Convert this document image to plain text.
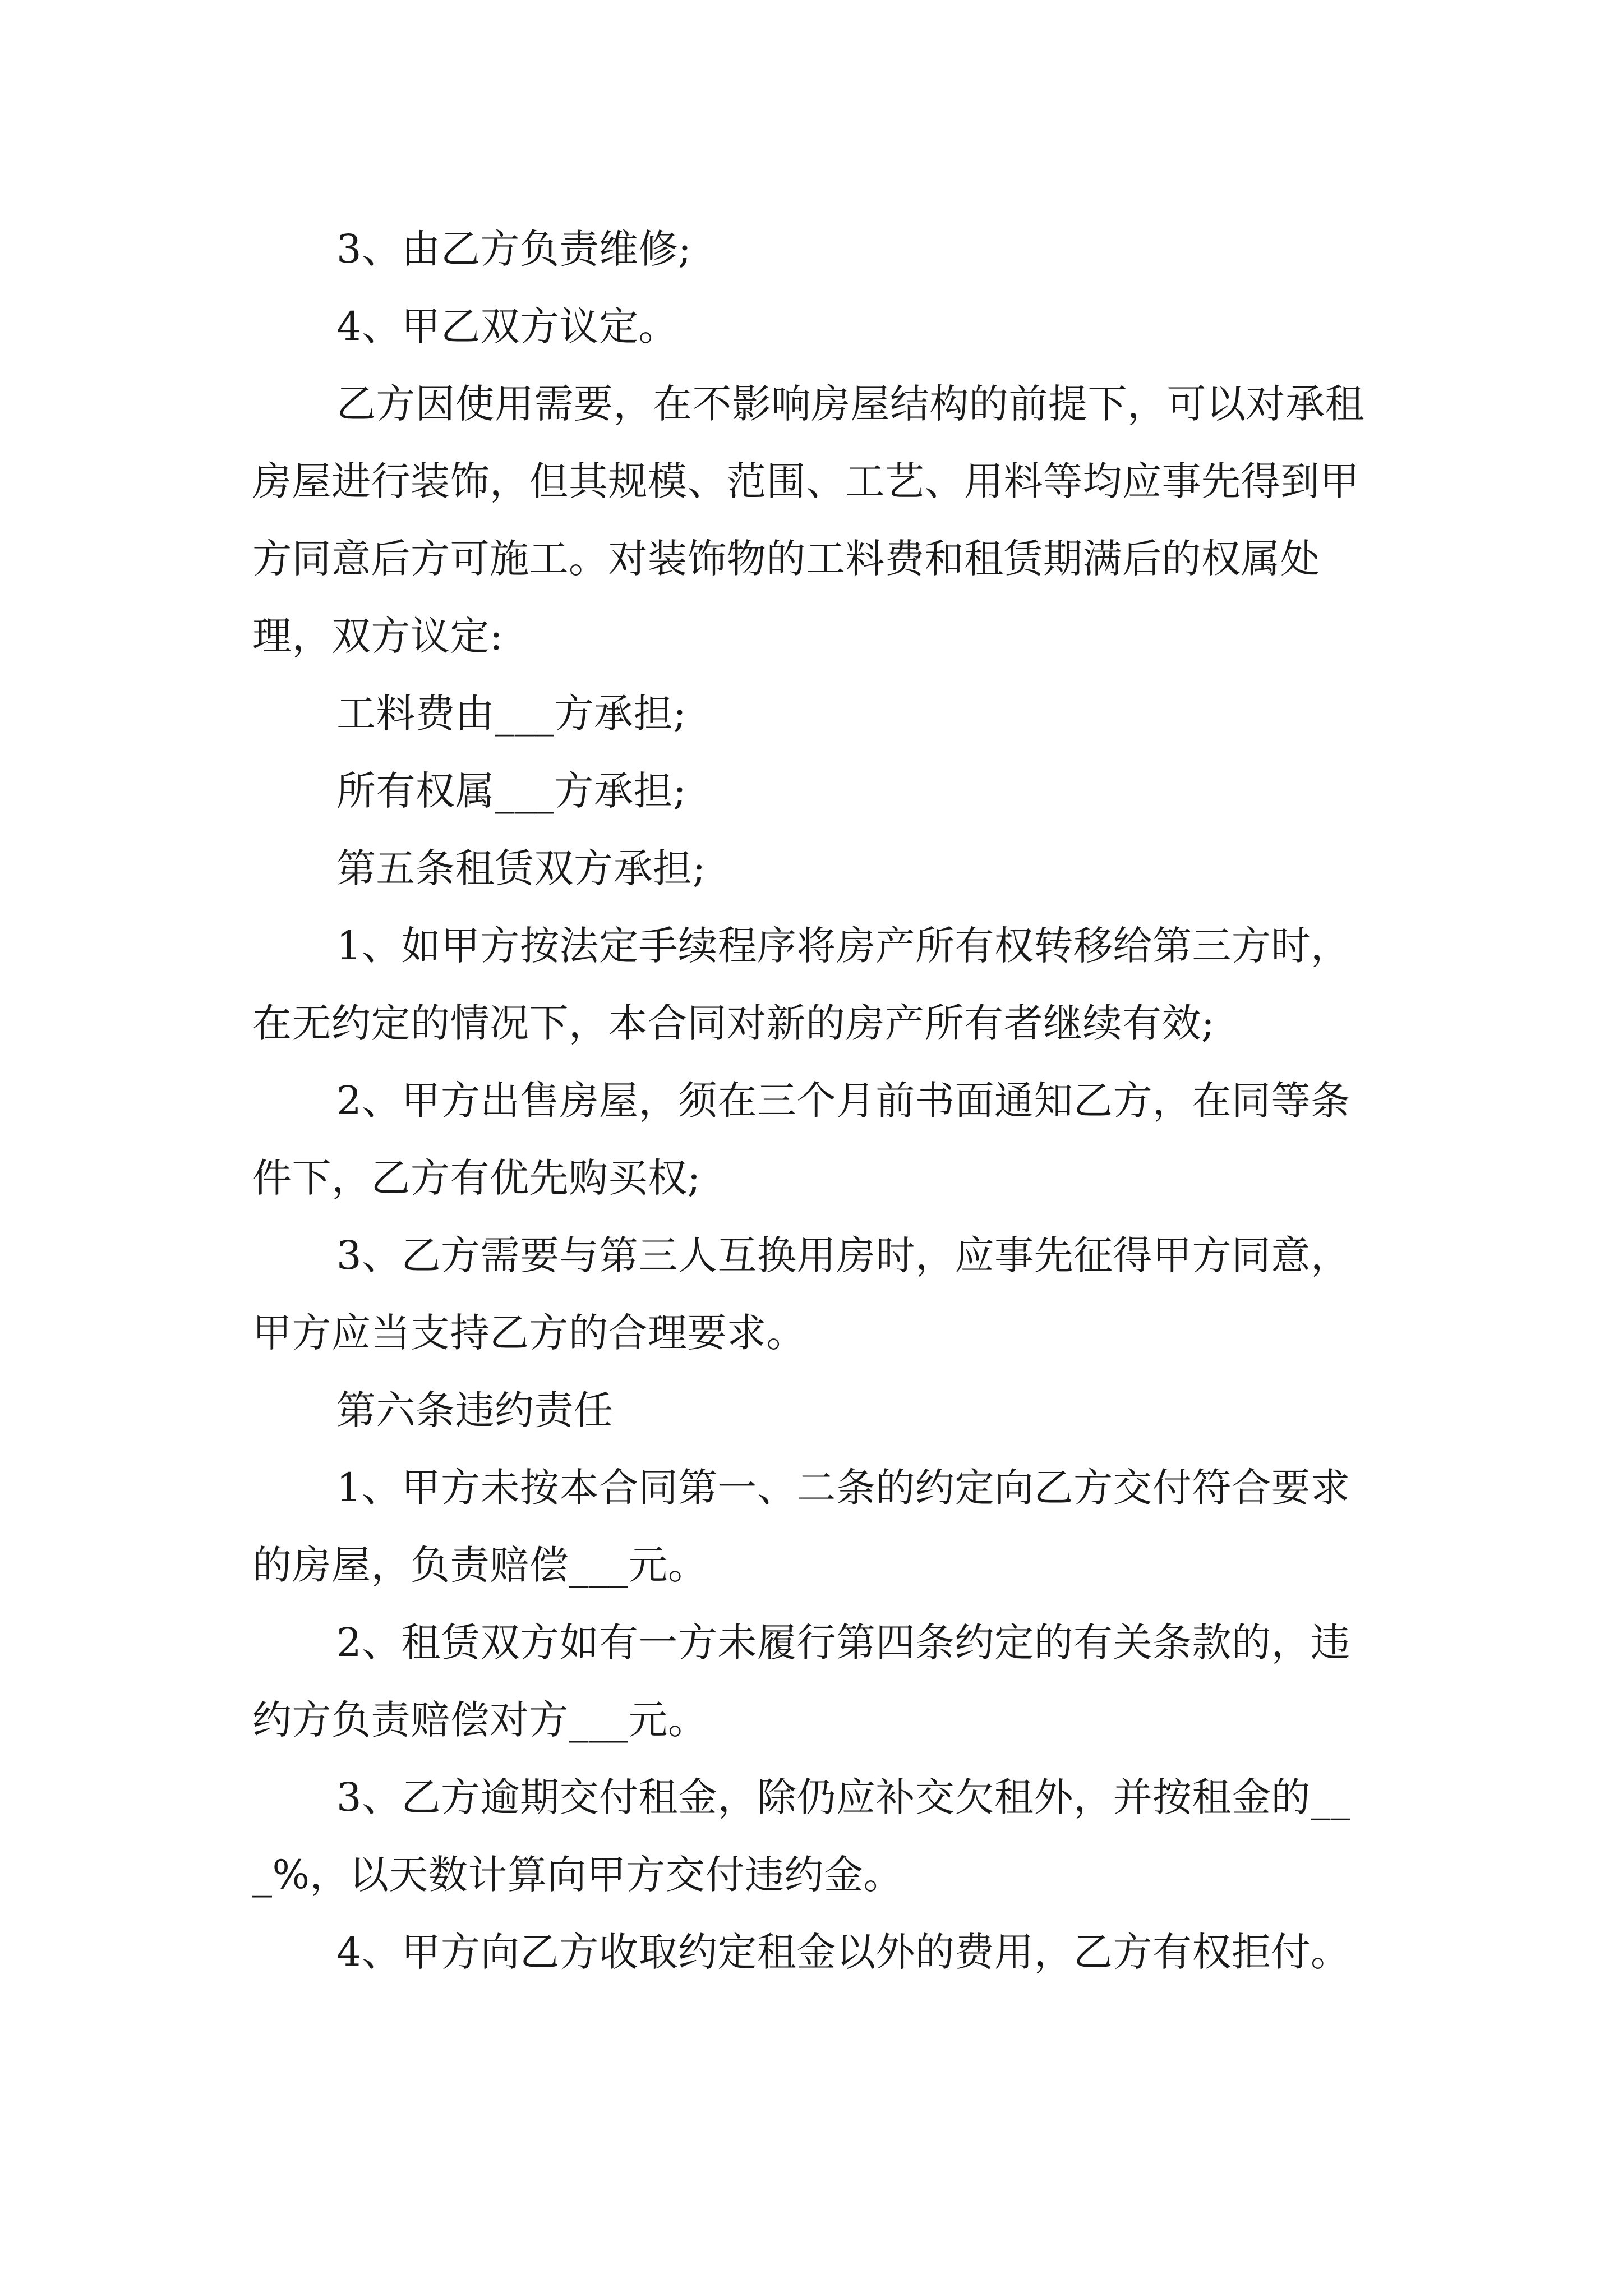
3、由乙方负责维修;

4、甲乙双方议定。

乙方因使用需要，在不影响房屋结构的前提下，可以对承租房屋进行装饰，但其规模、范围、工艺、用料等均应事先得到甲方同意后方可施工。对装饰物的工料费和租赁期满后的权属处理，双方议定:

工料费由___方承担;

所有权属___方承担;

第五条租赁双方承担;

1、如甲方按法定手续程序将房产所有权转移给第三方时，在无约定的情况下，本合同对新的房产所有者继续有效;

2、甲方出售房屋，须在三个月前书面通知乙方，在同等条件下，乙方有优先购买权;

3、乙方需要与第三人互换用房时，应事先征得甲方同意，甲方应当支持乙方的合理要求。

第六条违约责任

1、甲方未按本合同第一、二条的约定向乙方交付符合要求的房屋，负责赔偿___元。

2、租赁双方如有一方未履行第四条约定的有关条款的，违约方负责赔偿对方___元。

3、乙方逾期交付租金，除仍应补交欠租外，并按租金的___%，以天数计算向甲方交付违约金。

4、甲方向乙方收取约定租金以外的费用，乙方有权拒付。
